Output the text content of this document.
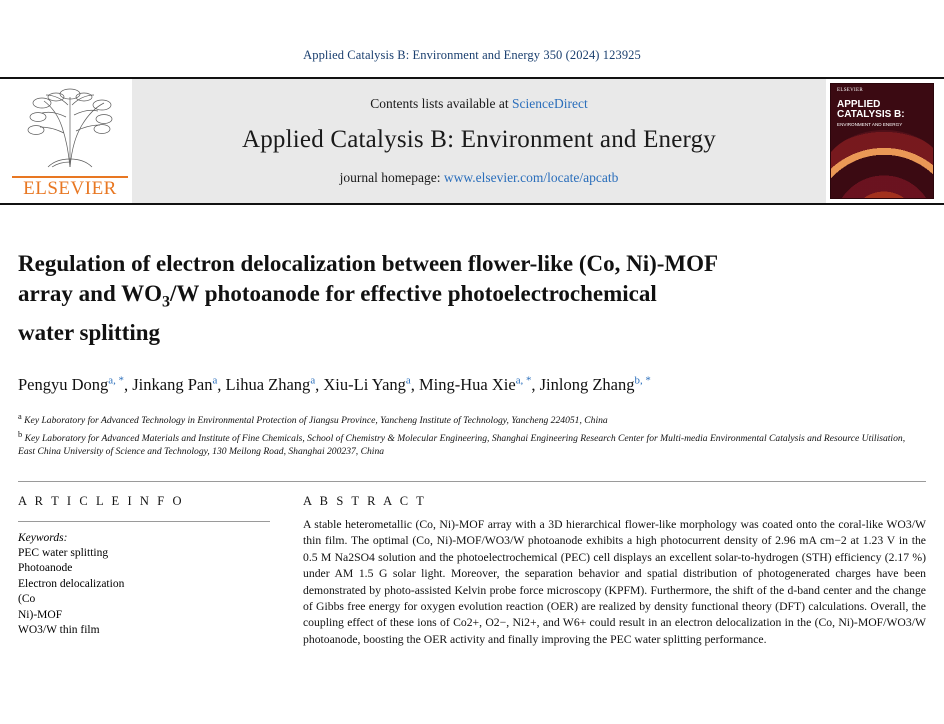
Applied Catalysis B: Environment and Energy 350 (2024) 123925
ELSEVIER
Contents lists available at ScienceDirect
Applied Catalysis B: Environment and Energy
journal homepage: www.elsevier.com/locate/apcatb
ELSEVIER
APPLIED
CATALYSIS B:
ENVIRONMENT AND ENERGY
Regulation of electron delocalization between flower-like (Co, Ni)-MOF
array and $WO_3/W$ photoanode for effective photoelectrochemical
water splitting
Pengyu Dong$^{a, *}$, Jinkang Pan$^a$, Lihua Zhang$^a$, Xiu-Li Yang$^a$, Ming-Hua Xie$^{a, *}$, Jinlong Zhang$^{b, *}$
$^a$ Key Laboratory for Advanced Technology in Environmental Protection of Jiangsu Province, Yancheng Institute of Technology, Yancheng 224051, China
$^b$ Key Laboratory for Advanced Materials and Institute of Fine Chemicals, School of Chemistry & Molecular Engineering, Shanghai Engineering Research Center for Multi-media Environmental Catalysis and Resource Utilisation, East China University of Science and Technology, 130 Meilong Road, Shanghai 200237, China
A R T I C L E I N F O
Keywords:
PEC water splitting
Photoanode
Electron delocalization
(Co
Ni)-MOF
WO3/W thin film
A B S T R A C T
A stable heterometallic (Co, Ni)-MOF array with a 3D hierarchical flower-like morphology was coated onto the coral-like WO3/W thin film. The optimal (Co, Ni)-MOF/WO3/W photoanode exhibits a high photocurrent density of 2.96 mA cm−2 at 1.23 V in the 0.5 M Na2SO4 solution and the photoelectrochemical (PEC) cell displays an excellent solar-to-hydrogen (STH) efficiency (2.17 %) under AM 1.5 G solar light. Moreover, the separation behavior and spatial distribution of photogenerated charges have been demonstrated by photo-assisted Kelvin probe force microscopy (KPFM). Furthermore, the shift of the d-band center and the change of Gibbs free energy for oxygen evolution reaction (OER) are realized by density functional theory (DFT) calculations. Overall, the coupling effect of these ions of Co2+, O2−, Ni2+, and W6+ could result in an electron delocalization in the (Co, Ni)-MOF/WO3/W photoanode, boosting the OER activity and finally improving the PEC water splitting performance.
